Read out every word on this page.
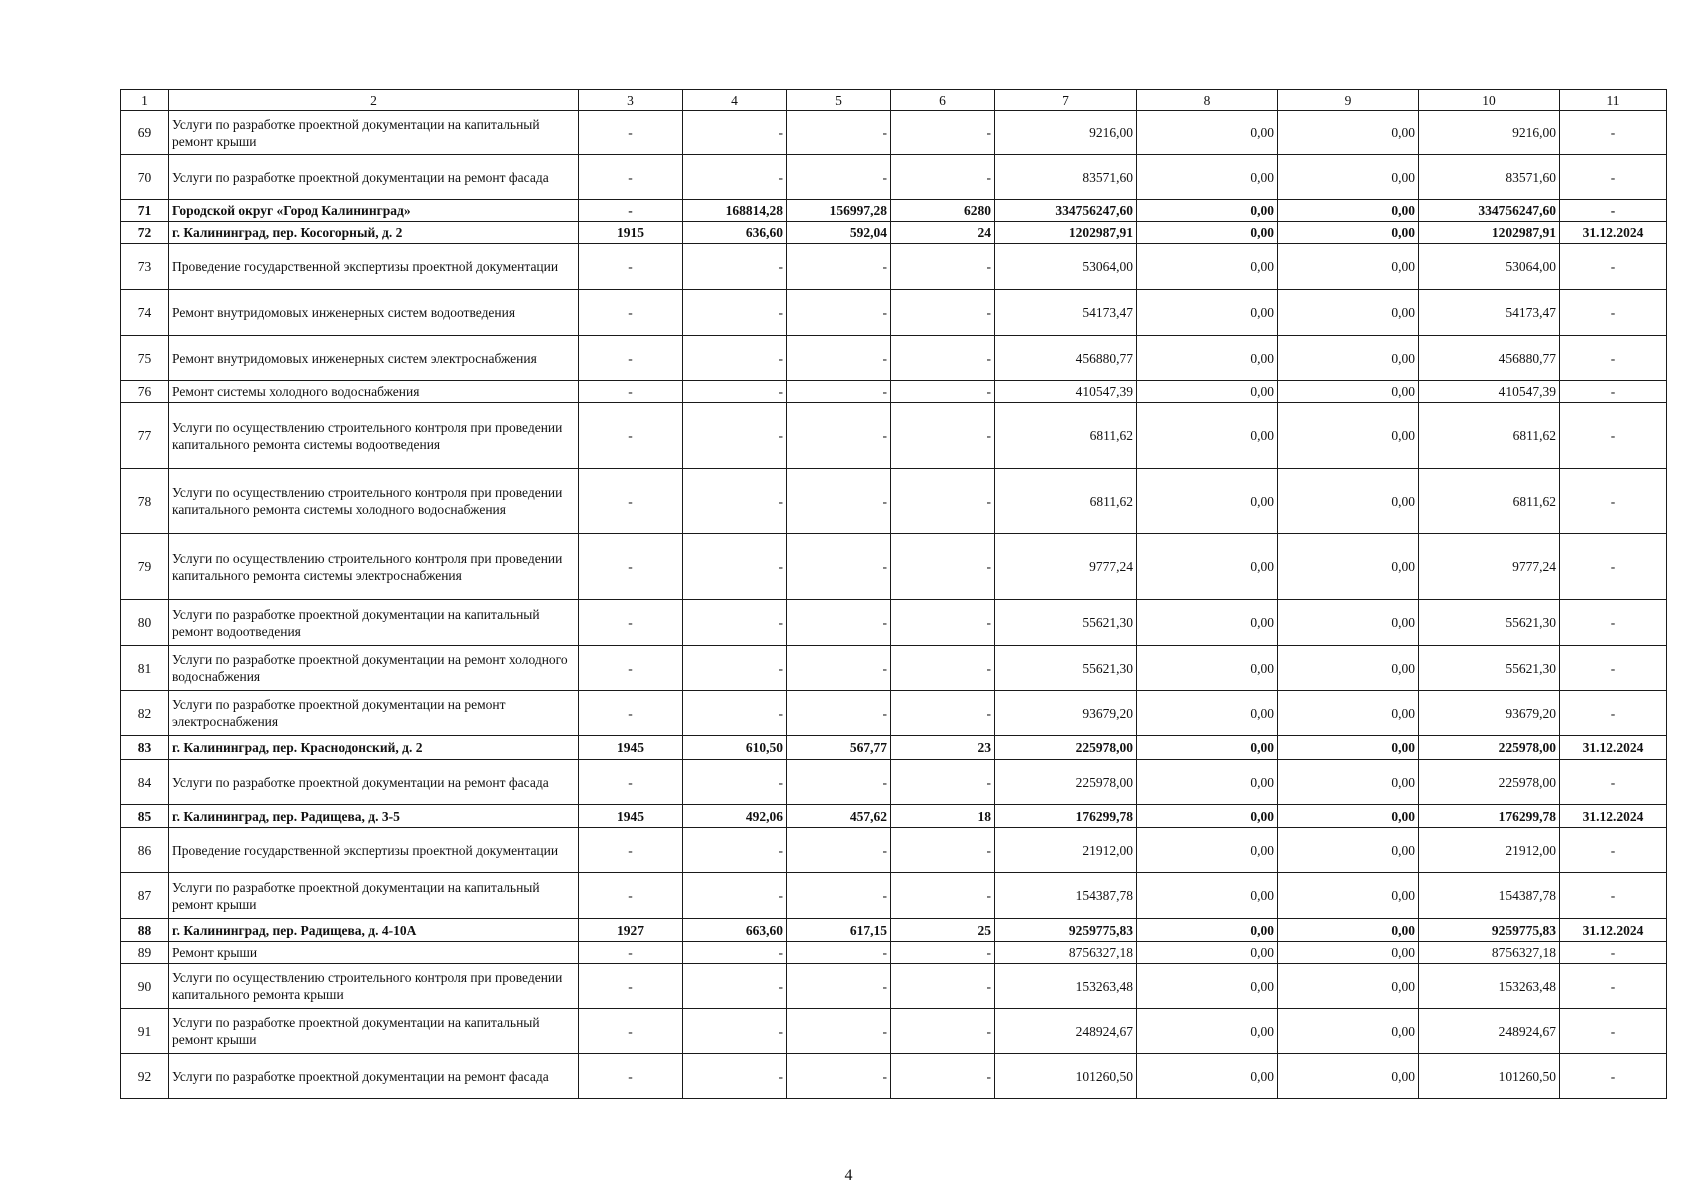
1	2	3	4	5	6	7	8	9	10	11
69	Услуги по разработке проектной документации на капитальный ремонт крыши	-	-	-	-	9216,00	0,00	0,00	9216,00	-
70	Услуги по разработке проектной документации на ремонт фасада	-	-	-	-	83571,60	0,00	0,00	83571,60	-
71	Городской округ «Город Калининград»	-	168814,28	156997,28	6280	334756247,60	0,00	0,00	334756247,60	-
72	г. Калининград, пер. Косогорный, д. 2	1915	636,60	592,04	24	1202987,91	0,00	0,00	1202987,91	31.12.2024
73	Проведение государственной экспертизы проектной документации	-	-	-	-	53064,00	0,00	0,00	53064,00	-
74	Ремонт внутридомовых инженерных систем водоотведения	-	-	-	-	54173,47	0,00	0,00	54173,47	-
75	Ремонт внутридомовых инженерных систем электроснабжения	-	-	-	-	456880,77	0,00	0,00	456880,77	-
76	Ремонт системы холодного водоснабжения	-	-	-	-	410547,39	0,00	0,00	410547,39	-
77	Услуги по осуществлению строительного контроля при проведении капитального ремонта системы водоотведения	-	-	-	-	6811,62	0,00	0,00	6811,62	-
78	Услуги по осуществлению строительного контроля при проведении капитального ремонта системы холодного водоснабжения	-	-	-	-	6811,62	0,00	0,00	6811,62	-
79	Услуги по осуществлению строительного контроля при проведении капитального ремонта системы электроснабжения	-	-	-	-	9777,24	0,00	0,00	9777,24	-
80	Услуги по разработке проектной документации на капитальный ремонт водоотведения	-	-	-	-	55621,30	0,00	0,00	55621,30	-
81	Услуги по разработке проектной документации на ремонт холодного водоснабжения	-	-	-	-	55621,30	0,00	0,00	55621,30	-
82	Услуги по разработке проектной документации на ремонт электроснабжения	-	-	-	-	93679,20	0,00	0,00	93679,20	-
83	г. Калининград, пер. Краснодонский, д. 2	1945	610,50	567,77	23	225978,00	0,00	0,00	225978,00	31.12.2024
84	Услуги по разработке проектной документации на ремонт фасада	-	-	-	-	225978,00	0,00	0,00	225978,00	-
85	г. Калининград, пер. Радищева, д. 3-5	1945	492,06	457,62	18	176299,78	0,00	0,00	176299,78	31.12.2024
86	Проведение государственной экспертизы проектной документации	-	-	-	-	21912,00	0,00	0,00	21912,00	-
87	Услуги по разработке проектной документации на капитальный ремонт крыши	-	-	-	-	154387,78	0,00	0,00	154387,78	-
88	г. Калининград, пер. Радищева, д. 4-10А	1927	663,60	617,15	25	9259775,83	0,00	0,00	9259775,83	31.12.2024
89	Ремонт крыши	-	-	-	-	8756327,18	0,00	0,00	8756327,18	-
90	Услуги по осуществлению строительного контроля при проведении капитального ремонта крыши	-	-	-	-	153263,48	0,00	0,00	153263,48	-
91	Услуги по разработке проектной документации на капитальный ремонт крыши	-	-	-	-	248924,67	0,00	0,00	248924,67	-
92	Услуги по разработке проектной документации на ремонт фасада	-	-	-	-	101260,50	0,00	0,00	101260,50	-
4
